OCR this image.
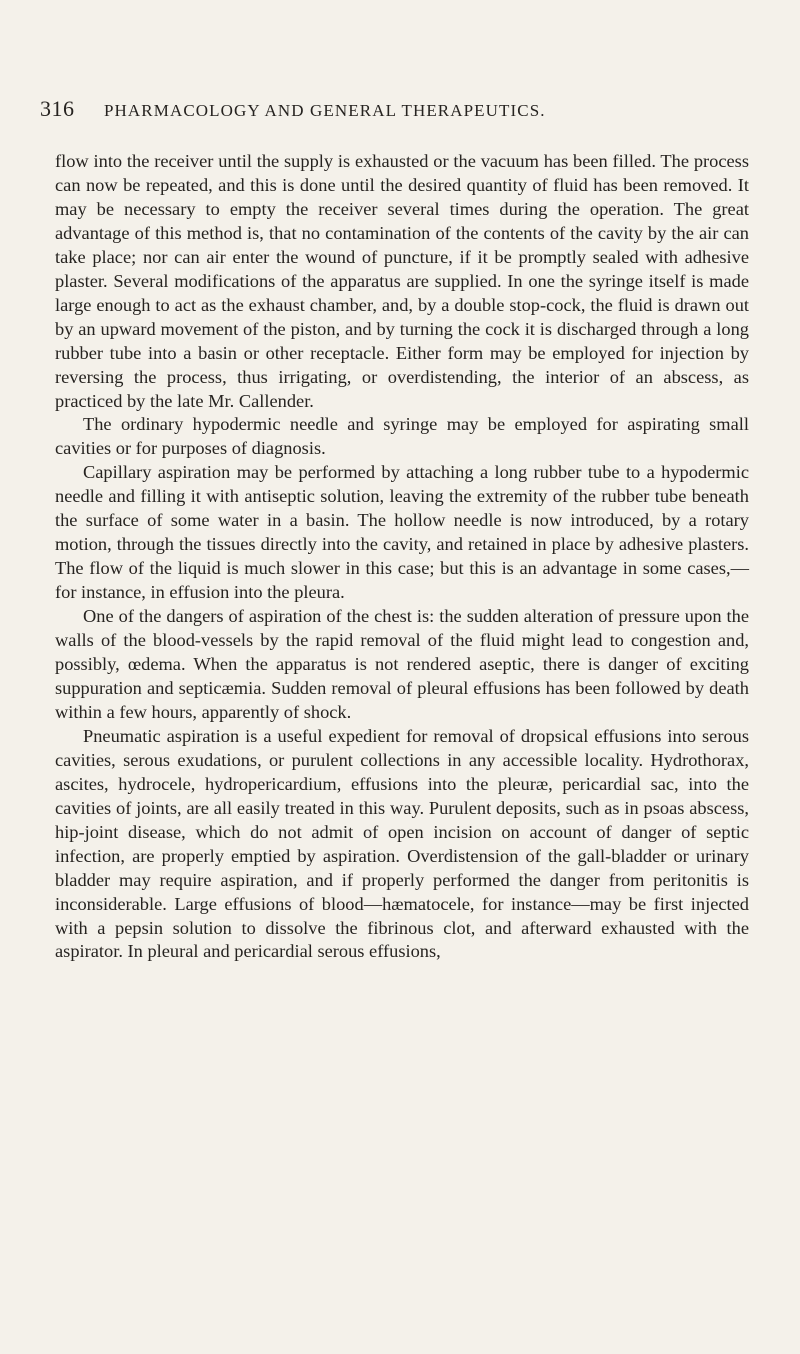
316 PHARMACOLOGY AND GENERAL THERAPEUTICS.

flow into the receiver until the supply is exhausted or the vacuum has been filled. The process can now be repeated, and this is done until the desired quantity of fluid has been removed. It may be necessary to empty the receiver several times during the operation. The great advantage of this method is, that no contamination of the contents of the cavity by the air can take place; nor can air enter the wound of puncture, if it be promptly sealed with adhesive plaster. Several modifications of the apparatus are supplied. In one the syringe itself is made large enough to act as the exhaust chamber, and, by a double stop-cock, the fluid is drawn out by an upward movement of the piston, and by turning the cock it is discharged through a long rubber tube into a basin or other receptacle. Either form may be employed for injection by reversing the process, thus irrigating, or overdistending, the interior of an abscess, as practiced by the late Mr. Callender.

The ordinary hypodermic needle and syringe may be employed for aspirating small cavities or for purposes of diagnosis.

Capillary aspiration may be performed by attaching a long rubber tube to a hypodermic needle and filling it with antiseptic solution, leaving the extremity of the rubber tube beneath the surface of some water in a basin. The hollow needle is now introduced, by a rotary motion, through the tissues directly into the cavity, and retained in place by adhesive plasters. The flow of the liquid is much slower in this case; but this is an advantage in some cases,—for instance, in effusion into the pleura.

One of the dangers of aspiration of the chest is: the sudden alteration of pressure upon the walls of the blood-vessels by the rapid removal of the fluid might lead to congestion and, possibly, œdema. When the apparatus is not rendered aseptic, there is danger of exciting suppuration and septicæmia. Sudden removal of pleural effusions has been followed by death within a few hours, apparently of shock.

Pneumatic aspiration is a useful expedient for removal of dropsical effusions into serous cavities, serous exudations, or purulent collections in any accessible locality. Hydrothorax, ascites, hydrocele, hydropericardium, effusions into the pleuræ, pericardial sac, into the cavities of joints, are all easily treated in this way. Purulent deposits, such as in psoas abscess, hip-joint disease, which do not admit of open incision on account of danger of septic infection, are properly emptied by aspiration. Overdistension of the gall-bladder or urinary bladder may require aspiration, and if properly performed the danger from peritonitis is inconsiderable. Large effusions of blood—hæmatocele, for instance—may be first injected with a pepsin solution to dissolve the fibrinous clot, and afterward exhausted with the aspirator. In pleural and pericardial serous effusions,
